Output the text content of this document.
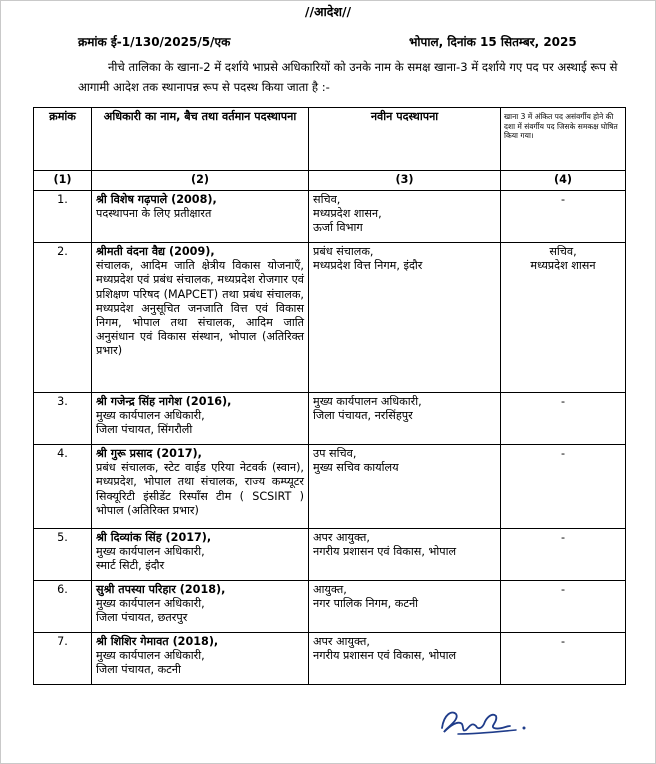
//आदेश//
क्रमांक ई-1/130/2025/5/एक	भोपाल, दिनांक 15 सितम्बर, 2025
नीचे तालिका के खाना-2 में दर्शाये भाप्रसे अधिकारियों को उनके नाम के समक्ष खाना-3 में दर्शाये गए पद पर अस्थाई रूप से आगामी आदेश तक स्थानापन्न रूप से पदस्थ किया जाता है :-
क्रमांक	अधिकारी का नाम, बैच तथा वर्तमान पदस्थापना	नवीन पदस्थापना	खाना 3 में अंकित पद असंवर्गीय होने की दशा में संवर्गीय पद जिसके समकक्ष घोषित किया गया।
(1)	(2)	(3)	(4)
1.	श्री विशेष गढ़पाले (2008),
पदस्थापना के लिए प्रतीक्षारत	सचिव,
मध्यप्रदेश शासन,
ऊर्जा विभाग	-
2.	श्रीमती वंदना वैद्य (2009),
संचालक, आदिम जाति क्षेत्रीय विकास योजनाएँ, मध्यप्रदेश एवं प्रबंध संचालक, मध्यप्रदेश रोजगार एवं प्रशिक्षण परिषद (MAPCET) तथा प्रबंध संचालक, मध्यप्रदेश अनुसूचित जनजाति वित्त एवं विकास निगम, भोपाल तथा संचालक, आदिम जाति अनुसंधान एवं विकास संस्थान, भोपाल (अतिरिक्त प्रभार)	प्रबंध संचालक,
मध्यप्रदेश वित्त निगम, इंदौर	सचिव,
मध्यप्रदेश शासन
3.	श्री गजेन्द्र सिंह नागेश (2016),
मुख्य कार्यपालन अधिकारी,
जिला पंचायत, सिंगरौली	मुख्य कार्यपालन अधिकारी,
जिला पंचायत, नरसिंहपुर	-
4.	श्री गुरू प्रसाद (2017),
प्रबंध संचालक, स्टेट वाईड एरिया नेटवर्क (स्वान), मध्यप्रदेश, भोपाल तथा संचालक, राज्य कम्प्यूटर सिक्यूरिटी इंसीडेंट रिस्पॉंस टीम ( SCSIRT ) भोपाल (अतिरिक्त प्रभार)	उप सचिव,
मुख्य सचिव कार्यालय	-
5.	श्री दिव्यांक सिंह (2017),
मुख्य कार्यपालन अधिकारी,
स्मार्ट सिटी, इंदौर	अपर आयुक्त,
नगरीय प्रशासन एवं विकास, भोपाल	-
6.	सुश्री तपस्या परिहार (2018),
मुख्य कार्यपालन अधिकारी,
जिला पंचायत, छतरपुर	आयुक्त,
नगर पालिक निगम, कटनी	-
7.	श्री शिशिर गेमावत (2018),
मुख्य कार्यपालन अधिकारी,
जिला पंचायत, कटनी	अपर आयुक्त,
नगरीय प्रशासन एवं विकास, भोपाल	-
